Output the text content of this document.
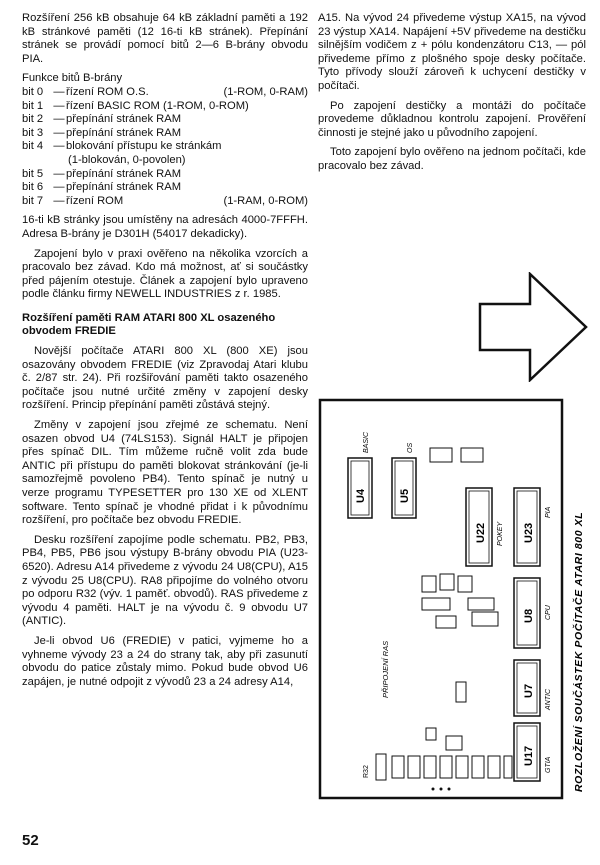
Rozšíření 256 kB obsahuje 64 kB základní paměti a 192 kB stránkové paměti (12 16-ti kB stránek). Přepínání stránek se provádí pomocí bitů 2—6 B-brány obvodu PIA.

Funkce bitů B-brány
bit 0 — řízení ROM O.S.	(1-ROM, 0-RAM)
bit 1 — řízení BASIC ROM (1-ROM, 0-ROM)
bit 2 — přepínání stránek RAM
bit 3 — přepínání stránek RAM
bit 4 — blokování přístupu ke stránkám
(1-blokován, 0-povolen)
bit 5 — přepínání stránek RAM
bit 6 — přepínání stránek RAM
bit 7 — řízení ROM	(1-RAM, 0-ROM)

16-ti kB stránky jsou umístěny na adresách 4000-7FFFH. Adresa B-brány je D301H (54017 dekadicky).

Zapojení bylo v praxi ověřeno na několika vzorcích a pracovalo bez závad. Kdo má možnost, ať si součástky před pájením otestuje. Článek a zapojení bylo upraveno podle článku firmy NEWELL INDUSTRIES z r. 1985.

Rozšíření paměti RAM ATARI 800 XL osazeného obvodem FREDIE

Novější počítače ATARI 800 XL (800 XE) jsou osazovány obvodem FREDIE (viz Zpravodaj Atari klubu č. 2/87 str. 24). Při rozšiřování paměti takto osazeného počítače jsou nutné určité změny v zapojení desky rozšíření. Princip přepínání paměti zůstává stejný.

Změny v zapojení jsou zřejmé ze schematu. Není osazen obvod U4 (74LS153). Signál HALT je připojen přes spínač DIL. Tím můžeme ručně volit zda bude ANTIC při přístupu do paměti blokovat stránkování (je-li samozřejmě povoleno PB4). Tento spínač je nutný u verze programu TYPESETTER pro 130 XE od XLENT software. Tento spínač je vhodné přidat i k původnímu rozšíření, pro počítače bez obvodu FREDIE.

Desku rozšíření zapojíme podle schematu. PB2, PB3, PB4, PB5, PB6 jsou výstupy B-brány obvodu PIA (U23-6520). Adresu A14 přivedeme z vývodu 24 U8(CPU), A15 z vývodu 25 U8(CPU). RA8 připojíme do volného otvoru po odporu R32 (výv. 1 paměť. obvodů). RAS přivedeme z vývodu 4 paměti. HALT je na vývodu č. 9 obvodu U7 (ANTIC).

Je-li obvod U6 (FREDIE) v patici, vyjmeme ho a vyhneme vývody 23 a 24 do strany tak, aby při zasunutí obvodu do patice zůstaly mimo. Pokud bude obvod U6 zapájen, je nutné odpojit z vývodů 23 a 24 adresy A14,

A15. Na vývod 24 přivedeme výstup XA15, na vývod 23 výstup XA14. Napájení +5V přivedeme na destičku silnějším vodičem z + pólu kondenzátoru C13, — pól přivedeme přímo z plošného spoje desky počítače. Tyto přívody slouží zároveň k uchycení destičky v počítači.

Po zapojení destičky a montáži do počítače provedeme důkladnou kontrolu zapojení. Prověření činnosti je stejné jako u původního zapojení.

Toto zapojení bylo ověřeno na jednom počítači, kde pracovalo bez závad.

ROZLOŽENÍ SOUČÁSTEK POČÍTAČE ATARI 800 XL
U4
BASIC
U5
OS
U22 POKEY U23
PIA
U8 CPU
U7 ANTIC
U17 GTIA
PŘIPOJENÍ RAS
R32
52
